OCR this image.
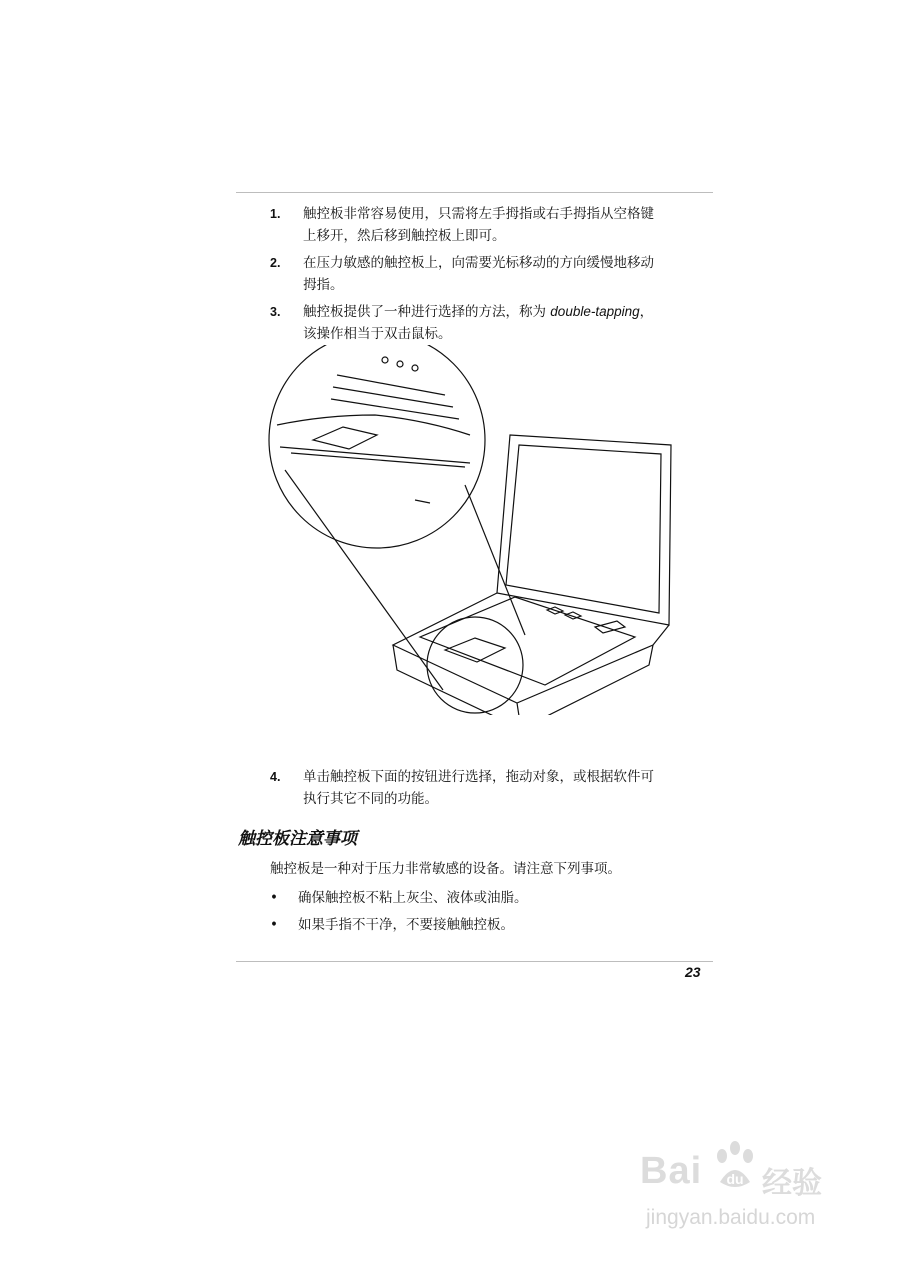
1. 触控板非常容易使用，只需将左手拇指或右手拇指从空格键
上移开，然后移到触控板上即可。
2. 在压力敏感的触控板上，向需要光标移动的方向缓慢地移动
拇指。
3. 触控板提供了一种进行选择的方法，称为 double-tapping，
该操作相当于双击鼠标。
4. 单击触控板下面的按钮进行选择，拖动对象，或根据软件可
执行其它不同的功能。
触控板注意事项
触控板是一种对于压力非常敏感的设备。请注意下列事项。
• 确保触控板不粘上灰尘、液体或油脂。
• 如果手指不干净，不要接触触控板。
23
Bai du 经验
jingyan.baidu.com
